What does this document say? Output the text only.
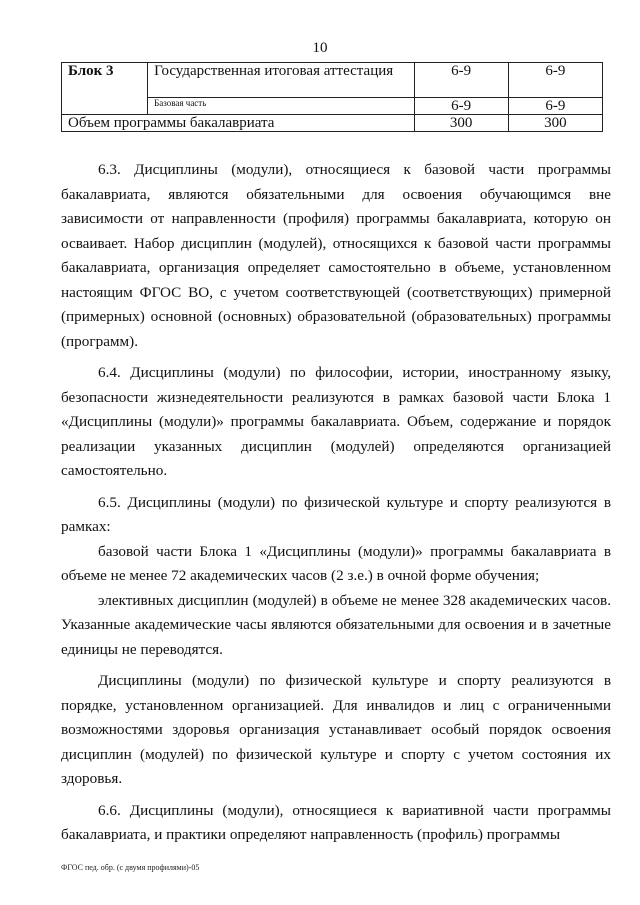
10
Блок 3	Государственная итоговая аттестация	6-9	6-9
	Базовая часть	6-9	6-9
Объем программы бакалавриата		300	300

6.3. Дисциплины (модули), относящиеся к базовой части программы бакалавриата, являются обязательными для освоения обучающимся вне зависимости от направленности (профиля) программы бакалавриата, которую он осваивает. Набор дисциплин (модулей), относящихся к базовой части программы бакалавриата, организация определяет самостоятельно в объеме, установленном настоящим ФГОС ВО, с учетом соответствующей (соответствующих) примерной (примерных) основной (основных) образовательной (образовательных) программы (программ).

6.4. Дисциплины (модули) по философии, истории, иностранному языку, безопасности жизнедеятельности реализуются в рамках базовой части Блока 1 «Дисциплины (модули)» программы бакалавриата. Объем, содержание и порядок реализации указанных дисциплин (модулей) определяются организацией самостоятельно.

6.5. Дисциплины (модули) по физической культуре и спорту реализуются в рамках:

базовой части Блока 1 «Дисциплины (модули)» программы бакалавриата в объеме не менее 72 академических часов (2 з.е.) в очной форме обучения;

элективных дисциплин (модулей) в объеме не менее 328 академических часов. Указанные академические часы являются обязательными для освоения и в зачетные единицы не переводятся.

Дисциплины (модули) по физической культуре и спорту реализуются в порядке, установленном организацией. Для инвалидов и лиц с ограниченными возможностями здоровья организация устанавливает особый порядок освоения дисциплин (модулей) по физической культуре и спорту с учетом состояния их здоровья.

6.6. Дисциплины (модули), относящиеся к вариативной части программы бакалавриата, и практики определяют направленность (профиль) программы

ФГОС пед. обр. (с двумя профилями)-05
